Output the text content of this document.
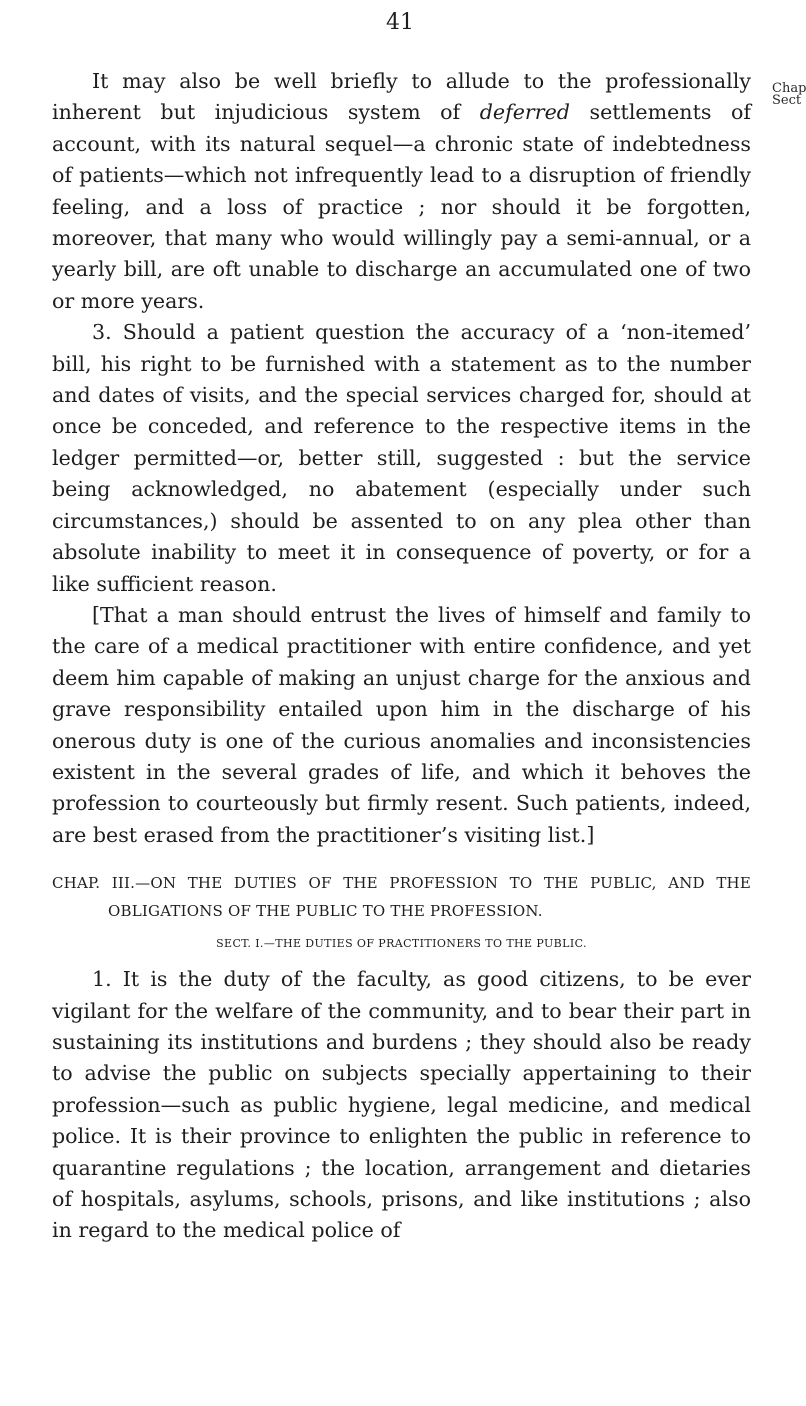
41
Chap
Sect

It may also be well briefly to allude to the professionally inherent but injudicious system of deferred settlements of account, with its natural sequel—a chronic state of indebtedness of patients—which not infrequently lead to a disruption of friendly feeling, and a loss of practice ; nor should it be forgotten, moreover, that many who would willingly pay a semi-annual, or a yearly bill, are oft unable to discharge an accumulated one of two or more years.

3. Should a patient question the accuracy of a ‘non-itemed’ bill, his right to be furnished with a statement as to the number and dates of visits, and the special services charged for, should at once be conceded, and reference to the respective items in the ledger permitted—or, better still, suggested : but the service being acknowledged, no abatement (especially under such circumstances,) should be assented to on any plea other than absolute inability to meet it in consequence of poverty, or for a like sufficient reason.

[That a man should entrust the lives of himself and family to the care of a medical practitioner with entire confidence, and yet deem him capable of making an unjust charge for the anxious and grave responsibility entailed upon him in the discharge of his onerous duty is one of the curious anomalies and inconsistencies existent in the several grades of life, and which it behoves the profession to courteously but firmly resent. Such patients, indeed, are best erased from the practitioner’s visiting list.]

CHAP. III.—ON THE DUTIES OF THE PROFESSION TO THE PUBLIC, AND THE OBLIGATIONS OF THE PUBLIC TO THE PROFESSION.

SECT. I.—THE DUTIES OF PRACTITIONERS TO THE PUBLIC.

1. It is the duty of the faculty, as good citizens, to be ever vigilant for the welfare of the community, and to bear their part in sustaining its institutions and burdens ; they should also be ready to advise the public on subjects specially appertaining to their profession—such as public hygiene, legal medicine, and medical police. It is their province to enlighten the public in reference to quarantine regulations ; the location, arrangement and dietaries of hospitals, asylums, schools, prisons, and like institutions ; also in regard to the medical police of
